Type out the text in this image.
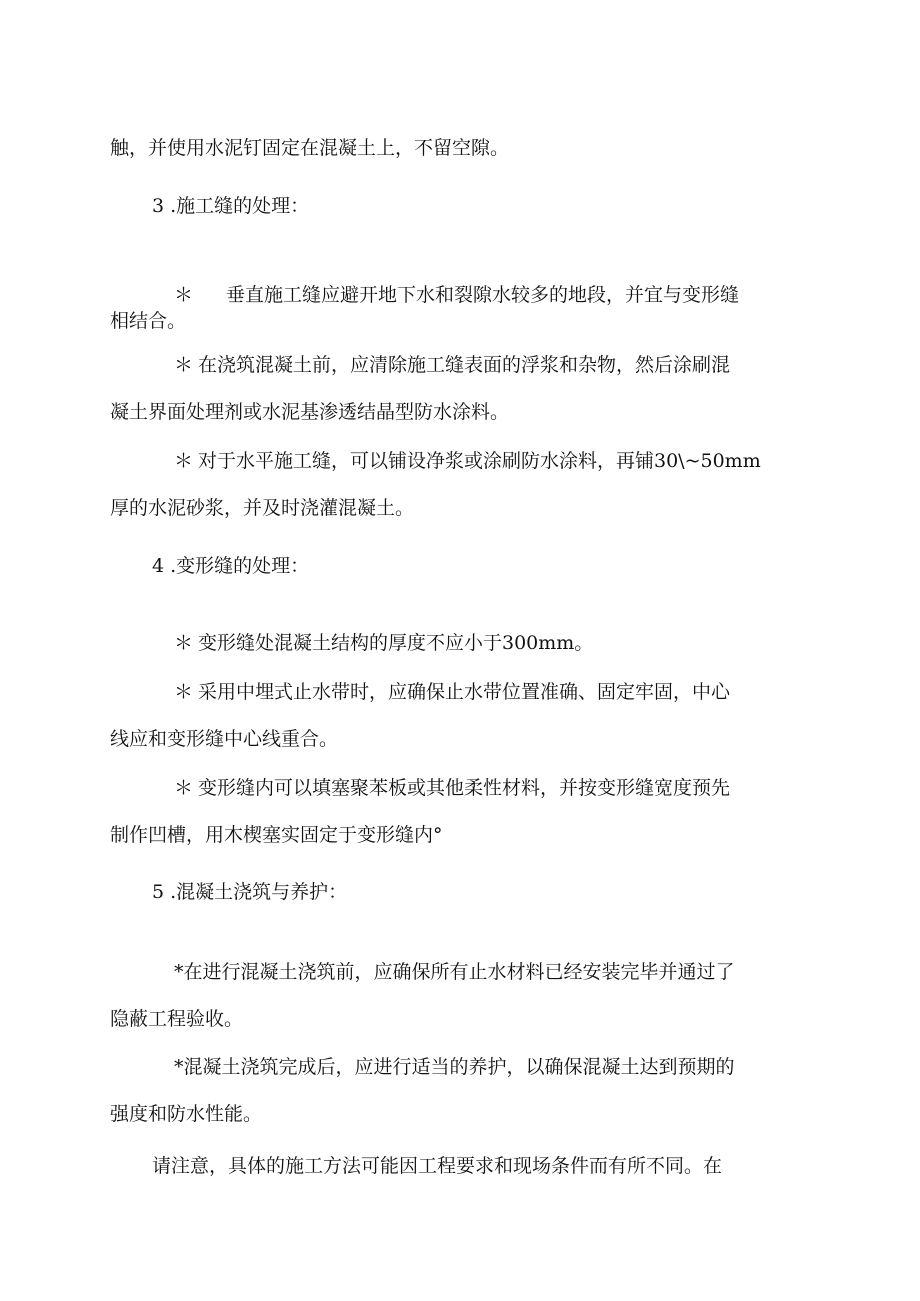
触，并使用水泥钉固定在混凝土上，不留空隙。
3 .施工缝的处理：
＊ 垂直施工缝应避开地下水和裂隙水较多的地段，并宜与变形缝
相结合。
＊ 在浇筑混凝土前，应清除施工缝表面的浮浆和杂物，然后涂刷混
凝土界面处理剂或水泥基渗透结晶型防水涂料。
＊ 对于水平施工缝，可以铺设净浆或涂刷防水涂料，再铺30\~50mm
厚的水泥砂浆，并及时浇灌混凝土。
4 .变形缝的处理：
＊ 变形缝处混凝土结构的厚度不应小于300mm。
＊ 采用中埋式止水带时，应确保止水带位置准确、固定牢固，中心
线应和变形缝中心线重合。
＊ 变形缝内可以填塞聚苯板或其他柔性材料，并按变形缝宽度预先
制作凹槽，用木楔塞实固定于变形缝内°
5 .混凝土浇筑与养护：
*在进行混凝土浇筑前，应确保所有止水材料已经安装完毕并通过了
隐蔽工程验收。
*混凝土浇筑完成后，应进行适当的养护，以确保混凝土达到预期的
强度和防水性能。
请注意，具体的施工方法可能因工程要求和现场条件而有所不同。在
